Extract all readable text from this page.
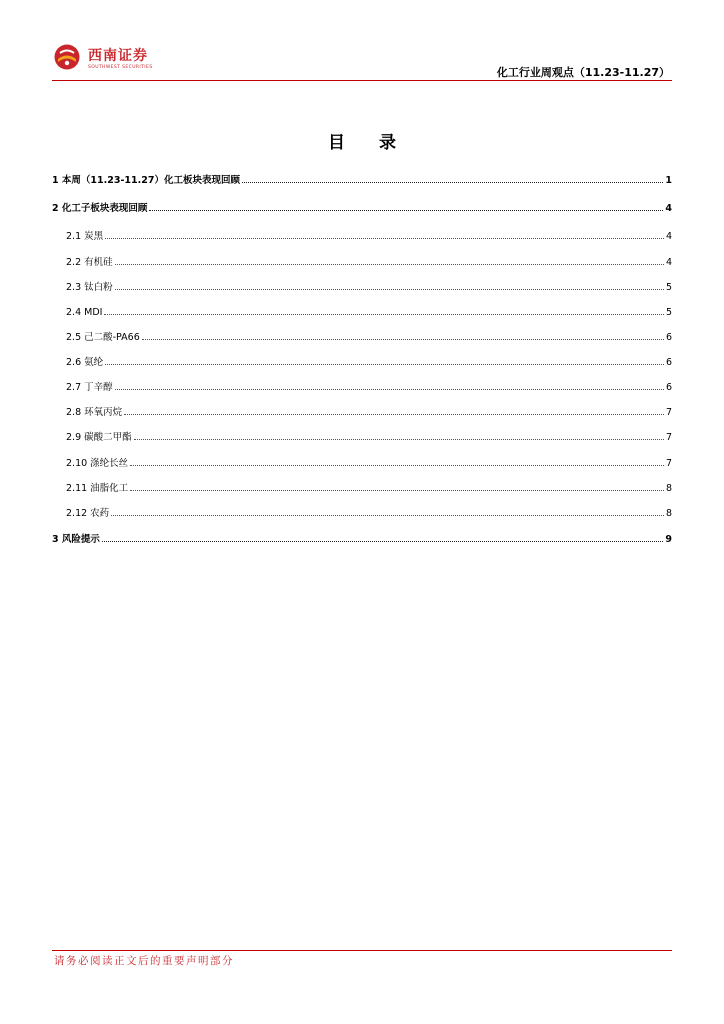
西南证券
SOUTHWEST SECURITIES	化工行业周观点（11.23-11.27）
目 录
1 本周（11.23-11.27）化工板块表现回顾	1
2 化工子板块表现回顾	4
2.1 炭黑	4
2.2 有机硅	4
2.3 钛白粉	5
2.4 MDI	5
2.5 己二酸-PA66	6
2.6 氨纶	6
2.7 丁辛醇	6
2.8 环氧丙烷	7
2.9 碳酸二甲酯	7
2.10 涤纶长丝	7
2.11 油脂化工	8
2.12 农药	8
3 风险提示	9
请务必阅读正文后的重要声明部分
